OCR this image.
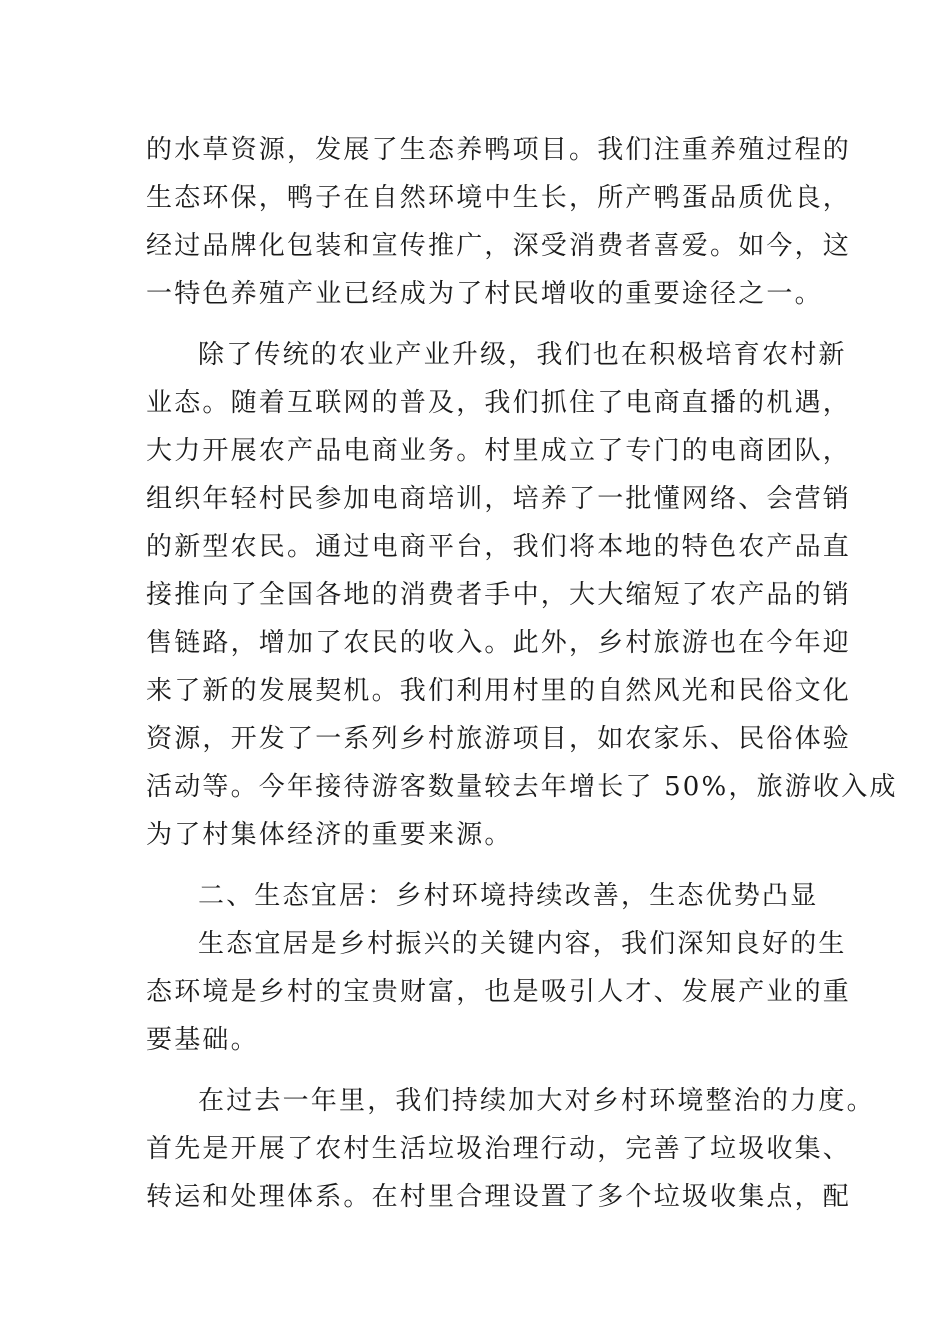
的水草资源，发展了生态养鸭项目。我们注重养殖过程的
生态环保，鸭子在自然环境中生长，所产鸭蛋品质优良，
经过品牌化包装和宣传推广，深受消费者喜爱。如今，这
一特色养殖产业已经成为了村民增收的重要途径之一。
除了传统的农业产业升级，我们也在积极培育农村新
业态。随着互联网的普及，我们抓住了电商直播的机遇，
大力开展农产品电商业务。村里成立了专门的电商团队，
组织年轻村民参加电商培训，培养了一批懂网络、会营销
的新型农民。通过电商平台，我们将本地的特色农产品直
接推向了全国各地的消费者手中，大大缩短了农产品的销
售链路，增加了农民的收入。此外，乡村旅游也在今年迎
来了新的发展契机。我们利用村里的自然风光和民俗文化
资源，开发了一系列乡村旅游项目，如农家乐、民俗体验
活动等。今年接待游客数量较去年增长了 50%，旅游收入成
为了村集体经济的重要来源。
二、生态宜居：乡村环境持续改善，生态优势凸显
生态宜居是乡村振兴的关键内容，我们深知良好的生
态环境是乡村的宝贵财富，也是吸引人才、发展产业的重
要基础。
在过去一年里，我们持续加大对乡村环境整治的力度。
首先是开展了农村生活垃圾治理行动，完善了垃圾收集、
转运和处理体系。在村里合理设置了多个垃圾收集点，配
